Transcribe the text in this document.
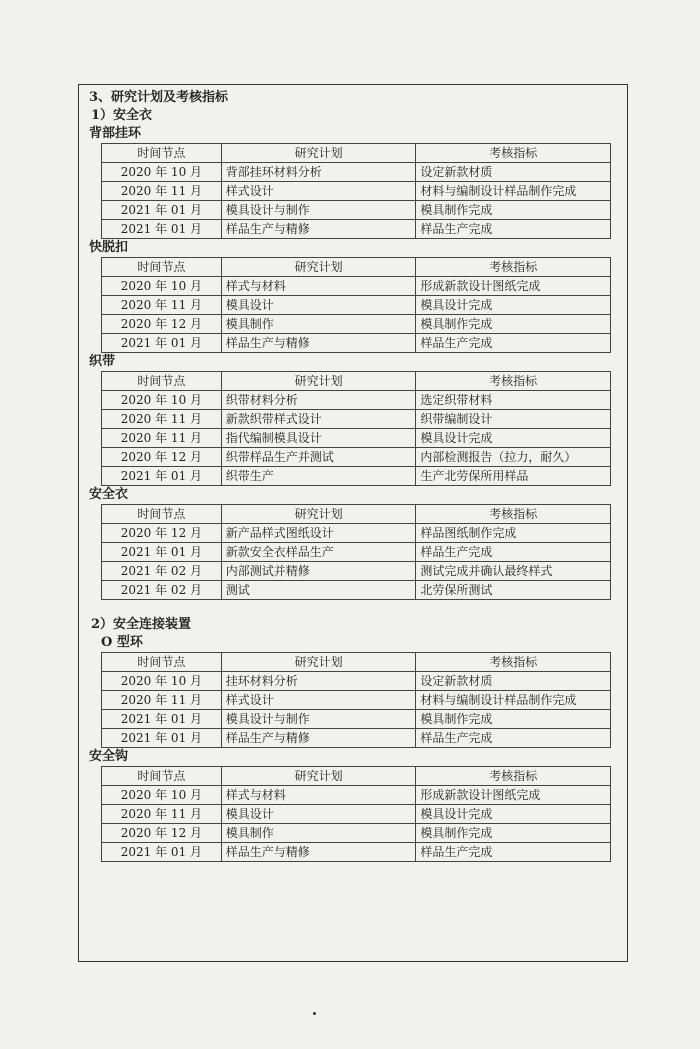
3、研究计划及考核指标
1）安全衣
背部挂环
时间节点	研究计划	考核指标
2020 年 10 月	背部挂环材料分析	设定新款材质
2020 年 11 月	样式设计	材料与编制设计样品制作完成
2021 年 01 月	模具设计与制作	模具制作完成
2021 年 01 月	样品生产与精修	样品生产完成
快脱扣
时间节点	研究计划	考核指标
2020 年 10 月	样式与材料	形成新款设计图纸完成
2020 年 11 月	模具设计	模具设计完成
2020 年 12 月	模具制作	模具制作完成
2021 年 01 月	样品生产与精修	样品生产完成
织带
时间节点	研究计划	考核指标
2020 年 10 月	织带材料分析	选定织带材料
2020 年 11 月	新款织带样式设计	织带编制设计
2020 年 11 月	指代编制模具设计	模具设计完成
2020 年 12 月	织带样品生产并测试	内部检测报告（拉力，耐久）
2021 年 01 月	织带生产	生产北劳保所用样品
安全衣
时间节点	研究计划	考核指标
2020 年 12 月	新产品样式图纸设计	样品图纸制作完成
2021 年 01 月	新款安全衣样品生产	样品生产完成
2021 年 02 月	内部测试并精修	测试完成并确认最终样式
2021 年 02 月	测试	北劳保所测试
2）安全连接装置
O 型环
时间节点	研究计划	考核指标
2020 年 10 月	挂环材料分析	设定新款材质
2020 年 11 月	样式设计	材料与编制设计样品制作完成
2021 年 01 月	模具设计与制作	模具制作完成
2021 年 01 月	样品生产与精修	样品生产完成
安全钩
时间节点	研究计划	考核指标
2020 年 10 月	样式与材料	形成新款设计图纸完成
2020 年 11 月	模具设计	模具设计完成
2020 年 12 月	模具制作	模具制作完成
2021 年 01 月	样品生产与精修	样品生产完成
